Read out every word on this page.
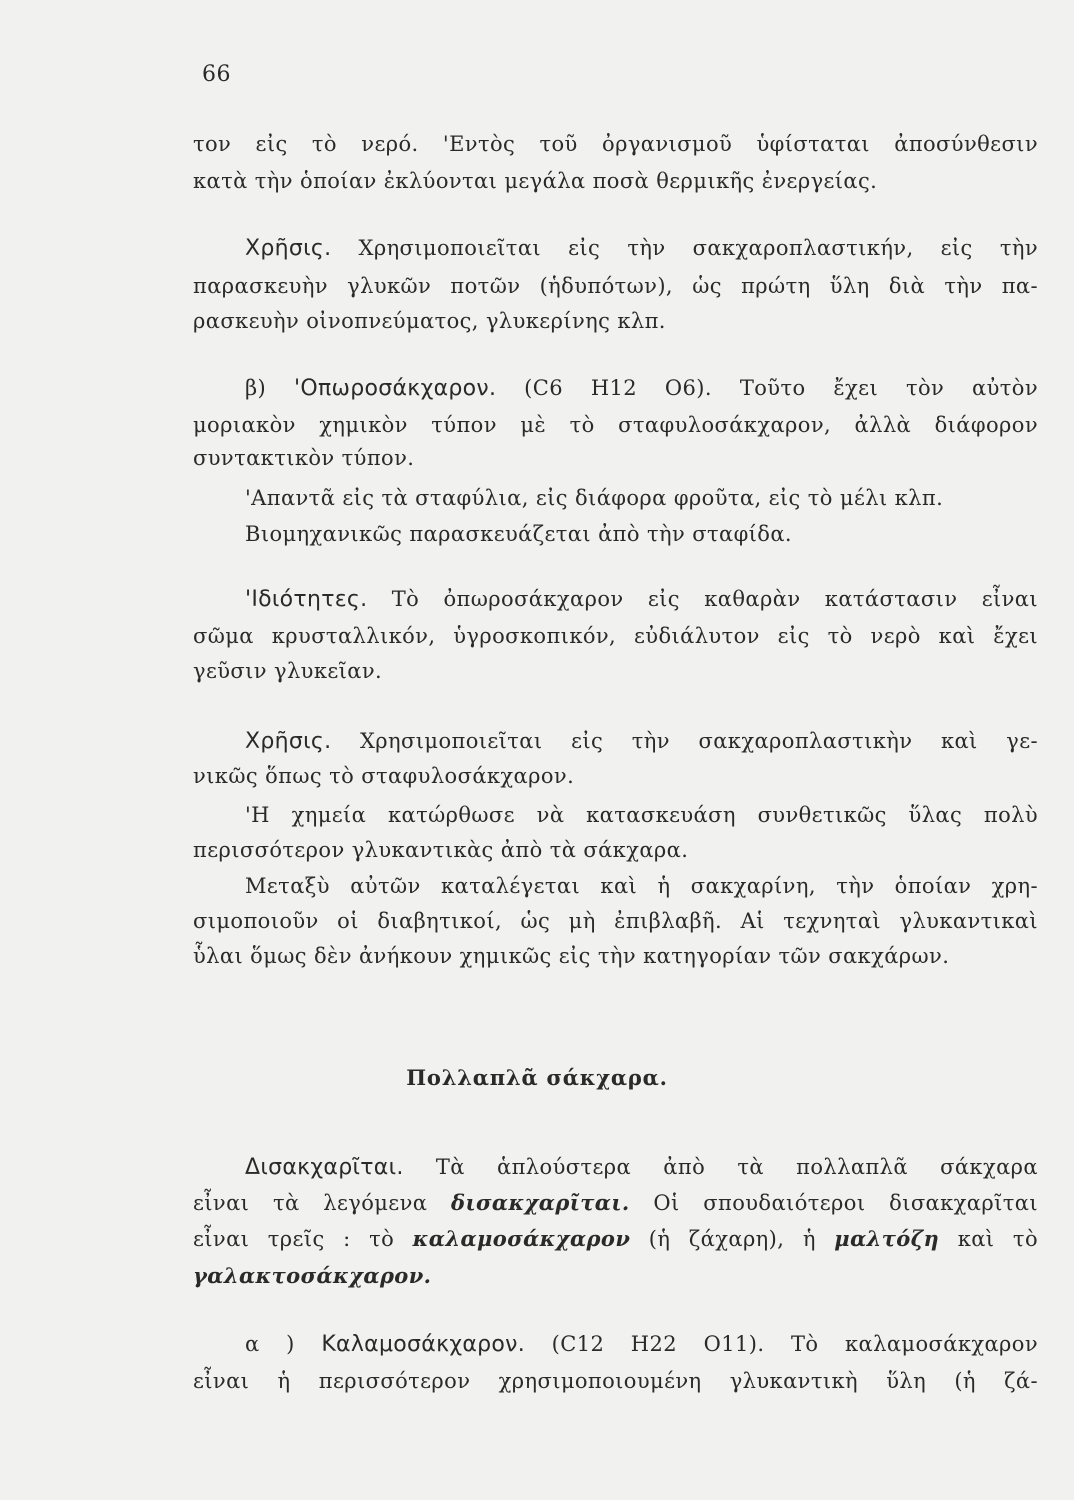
66
τον εἰς τὸ νερό. 'Εντὸς τοῦ ὀργανισμοῦ ὑφίσταται ἀποσύνθεσιν
κατὰ τὴν ὁποίαν ἐκλύονται μεγάλα ποσὰ θερμικῆς ἐνεργείας.
Χρῆσις. Χρησιμοποιεῖται εἰς τὴν σακχαροπλαστικήν, εἰς τὴν
παρασκευὴν γλυκῶν ποτῶν (ἡδυπότων), ὡς πρώτη ὕλη διὰ τὴν πα-
ρασκευὴν οἰνοπνεύματος, γλυκερίνης κλπ.
β) 'Οπωροσάκχαρον. (C6 H12 O6). Τοῦτο ἔχει τὸν αὐτὸν
μοριακὸν χημικὸν τύπον μὲ τὸ σταφυλοσάκχαρον, ἀλλὰ διάφορον
συντακτικὸν τύπον.
'Απαντᾶ εἰς τὰ σταφύλια, εἰς διάφορα φροῦτα, εἰς τὸ μέλι κλπ.
Βιομηχανικῶς παρασκευάζεται ἀπὸ τὴν σταφίδα.
'Ιδιότητες. Τὸ ὀπωροσάκχαρον εἰς καθαρὰν κατάστασιν εἶναι
σῶμα κρυσταλλικόν, ὑγροσκοπικόν, εὐδιάλυτον εἰς τὸ νερὸ καὶ ἔχει
γεῦσιν γλυκεῖαν.
Χρῆσις. Χρησιμοποιεῖται εἰς τὴν σακχαροπλαστικὴν καὶ γε-
νικῶς ὅπως τὸ σταφυλοσάκχαρον.
'Η χημεία κατώρθωσε νὰ κατασκευάση συνθετικῶς ὕλας πολὺ
περισσότερον γλυκαντικὰς ἀπὸ τὰ σάκχαρα.
Μεταξὺ αὐτῶν καταλέγεται καὶ ἡ σακχαρίνη, τὴν ὁποίαν χρη-
σιμοποιοῦν οἱ διαβητικοί, ὡς μὴ ἐπιβλαβῆ. Αἱ τεχνηταὶ γλυκαντικαὶ
ὗλαι ὅμως δὲν ἀνήκουν χημικῶς εἰς τὴν κατηγορίαν τῶν σακχάρων.
Πολλαπλᾶ σάκχαρα.
Δισακχαρῖται. Τὰ ἁπλούστερα ἀπὸ τὰ πολλαπλᾶ σάκχαρα
εἶναι τὰ λεγόμενα δισακχαρῖται. Οἱ σπουδαιότεροι δισακχαρῖται
εἶναι τρεῖς : τὸ καλαμοσάκχαρον (ἡ ζάχαρη), ἡ μαλτόζη καὶ τὸ
γαλακτοσάκχαρον.
α ) Καλαμοσάκχαρον. (C12 H22 O11). Τὸ καλαμοσάκχαρον
εἶναι ἡ περισσότερον χρησιμοποιουμένη γλυκαντικὴ ὕλη (ἡ ζά-
